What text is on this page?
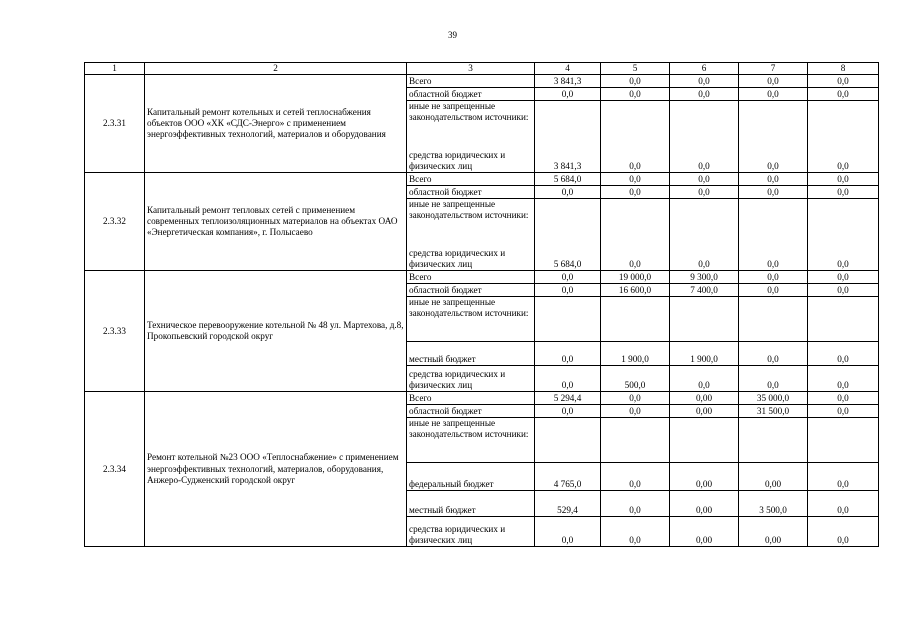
39
1	2	3	4	5	6	7	8
2.3.31	Капитальный ремонт котельных и сетей теплоснабжения объектов ООО «ХК «СДС-Энерго» с применением энергоэффективных технологий, материалов и оборудования	Всего	3 841,3	0,0	0,0	0,0	0,0
		областной бюджет	0,0	0,0	0,0	0,0	0,0
		иные не запрещенные законодательством источники:					
		средства юридических и физических лиц	3 841,3	0,0	0,0	0,0	0,0
2.3.32	Капитальный ремонт тепловых сетей с применением современных теплоизоляционных материалов на объектах ОАО «Энергетическая компания», г. Полысаево	Всего	5 684,0	0,0	0,0	0,0	0,0
		областной бюджет	0,0	0,0	0,0	0,0	0,0
		иные не запрещенные законодательством источники:					
		средства юридических и физических лиц	5 684,0	0,0	0,0	0,0	0,0
2.3.33	Техническое перевооружение котельной № 48 ул. Мартехова, д.8, Прокопьевский городской округ	Всего	0,0	19 000,0	9 300,0	0,0	0,0
		областной бюджет	0,0	16 600,0	7 400,0	0,0	0,0
		иные не запрещенные законодательством источники:					
		местный бюджет	0,0	1 900,0	1 900,0	0,0	0,0
		средства юридических и физических лиц	0,0	500,0	0,0	0,0	0,0
2.3.34	Ремонт котельной №23 ООО «Теплоснабжение» с применением энергоэффективных технологий, материалов, оборудования, Анжеро-Судженский городской округ	Всего	5 294,4	0,0	0,00	35 000,0	0,0
		областной бюджет	0,0	0,0	0,00	31 500,0	0,0
		иные не запрещенные законодательством источники:					
		федеральный бюджет	4 765,0	0,0	0,00	0,00	0,0
		местный бюджет	529,4	0,0	0,00	3 500,0	0,0
		средства юридических и физических лиц	0,0	0,0	0,00	0,00	0,0
